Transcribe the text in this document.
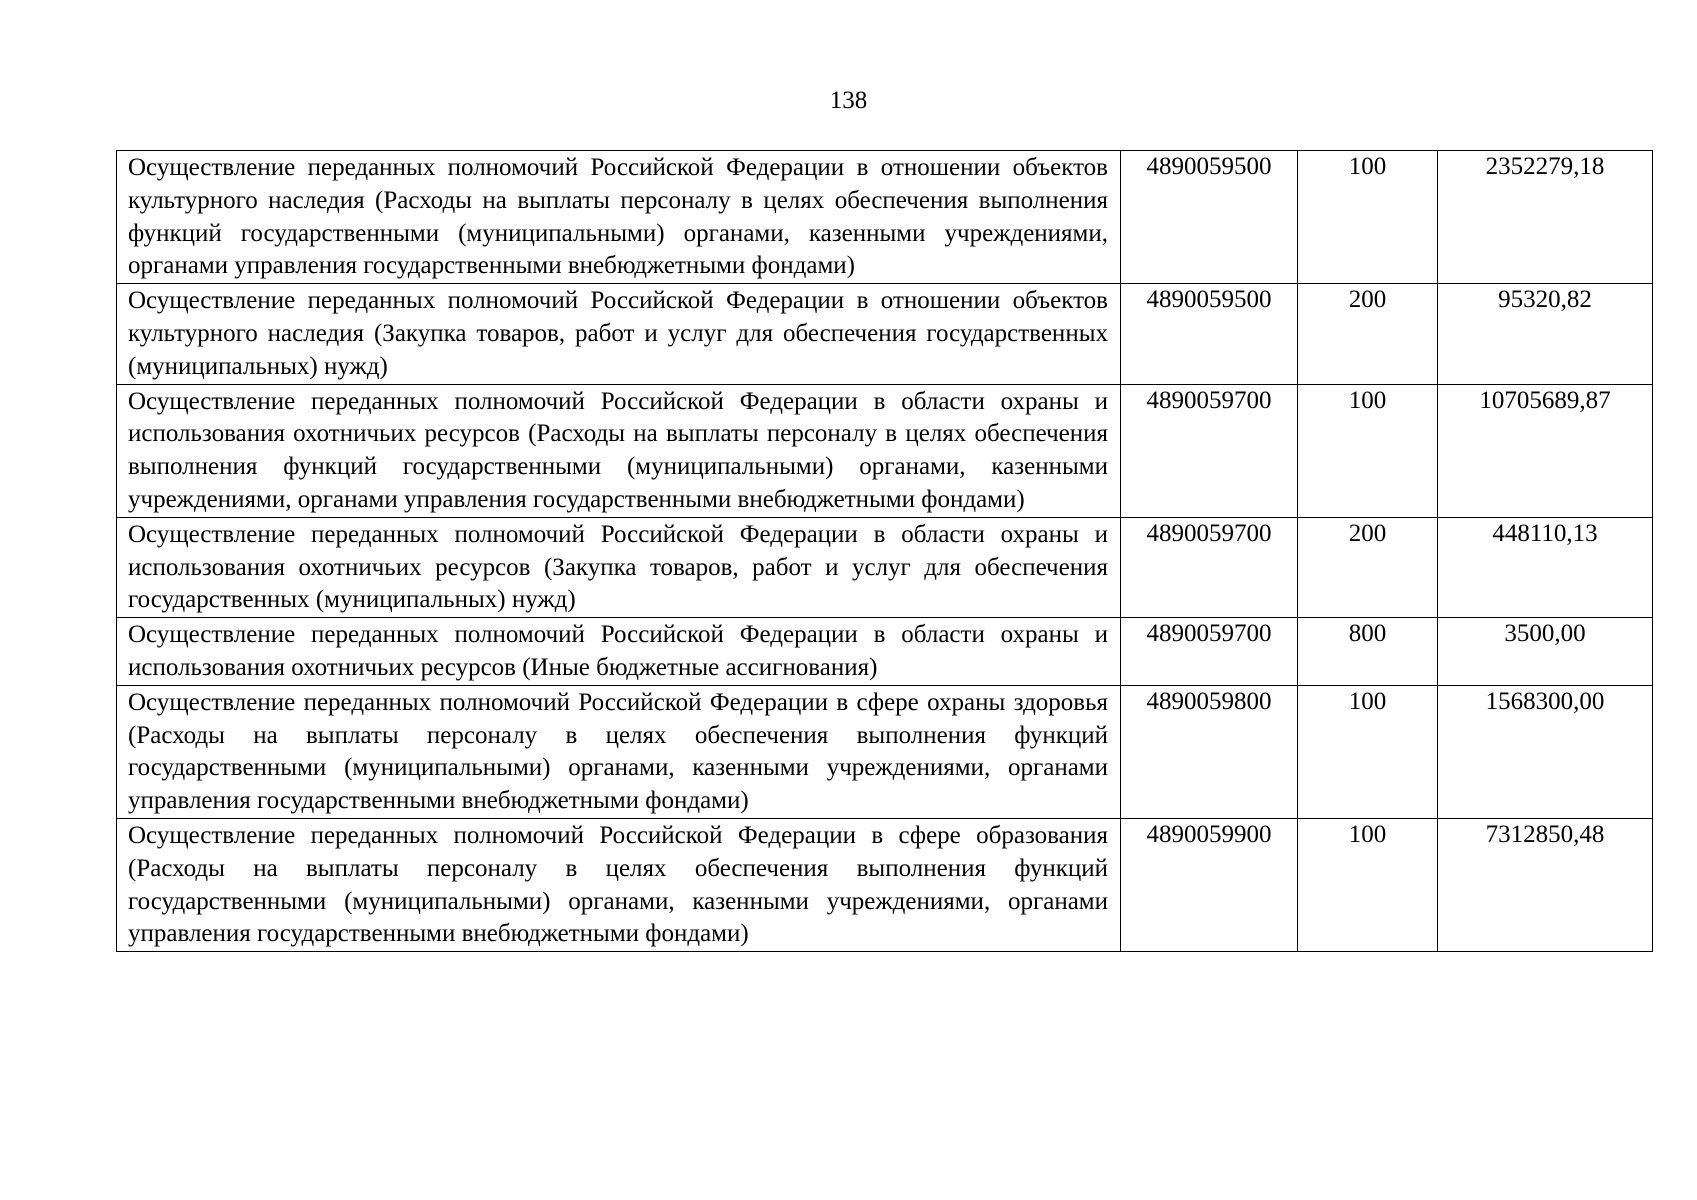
138
Осуществление переданных полномочий Российской Федерации в отношении объектов культурного наследия (Расходы на выплаты персоналу в целях обеспечения выполнения функций государственными (муниципальными) органами, казенными учреждениями, органами управления государственными внебюджетными фондами)	4890059500	100	2352279,18
Осуществление переданных полномочий Российской Федерации в отношении объектов культурного наследия (Закупка товаров, работ и услуг для обеспечения государственных (муниципальных) нужд)	4890059500	200	95320,82
Осуществление переданных полномочий Российской Федерации в области охраны и использования охотничьих ресурсов (Расходы на выплаты персоналу в целях обеспечения выполнения функций государственными (муниципальными) органами, казенными учреждениями, органами управления государственными внебюджетными фондами)	4890059700	100	10705689,87
Осуществление переданных полномочий Российской Федерации в области охраны и использования охотничьих ресурсов (Закупка товаров, работ и услуг для обеспечения государственных (муниципальных) нужд)	4890059700	200	448110,13
Осуществление переданных полномочий Российской Федерации в области охраны и использования охотничьих ресурсов (Иные бюджетные ассигнования)	4890059700	800	3500,00
Осуществление переданных полномочий Российской Федерации в сфере охраны здоровья (Расходы на выплаты персоналу в целях обеспечения выполнения функций государственными (муниципальными) органами, казенными учреждениями, органами управления государственными внебюджетными фондами)	4890059800	100	1568300,00
Осуществление переданных полномочий Российской Федерации в сфере образования (Расходы на выплаты персоналу в целях обеспечения выполнения функций государственными (муниципальными) органами, казенными учреждениями, органами управления государственными внебюджетными фондами)	4890059900	100	7312850,48
